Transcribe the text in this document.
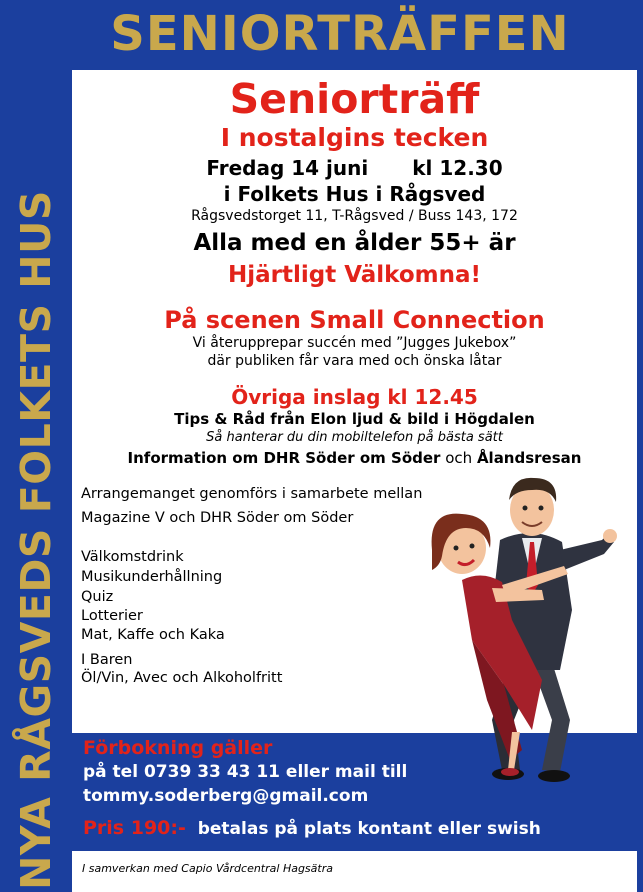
SENIORTRÄFFEN
NYA RÅGSVEDS FOLKETS HUS
Seniorträff
I nostalgins tecken
Fredag 14 juni kl 12.30
i Folkets Hus i Rågsved
Rågsvedstorget 11, T-Rågsved / Buss 143, 172
Alla med en ålder 55+ är
Hjärtligt Välkomna!
På scenen Small Connection
Vi återupprepar succén med ”Jugges Jukebox”
där publiken får vara med och önska låtar
Övriga inslag kl 12.45
Tips & Råd från Elon ljud & bild i Högdalen
Så hanterar du din mobiltelefon på bästa sätt
Information om DHR Söder om Söder och Ålandsresan
Arrangemanget genomförs i samarbete mellan
Magazine V och DHR Söder om Söder
Välkomstdrink
Musikunderhållning
Quiz
Lotterier
Mat, Kaffe och Kaka
I Baren
Öl/Vin, Avec och Alkoholfritt
Förbokning gäller
på tel 0739 33 43 11 eller mail till
tommy.soderberg@gmail.com
Pris 190:- betalas på plats kontant eller swish
I samverkan med Capio Vårdcentral Hagsätra
